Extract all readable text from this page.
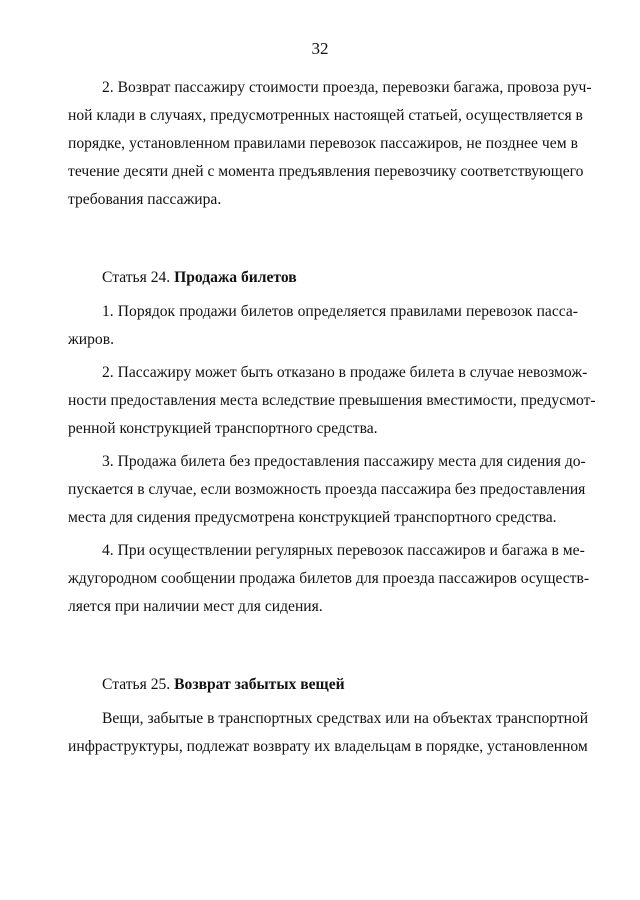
32

2. Возврат пассажиру стоимости проезда, перевозки багажа, провоза руч-
ной клади в случаях, предусмотренных настоящей статьей, осуществляется в
порядке, установленном правилами перевозок пассажиров, не позднее чем в
течение десяти дней с момента предъявления перевозчику соответствующего
требования пассажира.

Статья 24. Продажа билетов

1. Порядок продажи билетов определяется правилами перевозок пасса-
жиров.

2. Пассажиру может быть отказано в продаже билета в случае невозмож-
ности предоставления места вследствие превышения вместимости, предусмот-
ренной конструкцией транспортного средства.

3. Продажа билета без предоставления пассажиру места для сидения до-
пускается в случае, если возможность проезда пассажира без предоставления
места для сидения предусмотрена конструкцией транспортного средства.

4. При осуществлении регулярных перевозок пассажиров и багажа в ме-
ждугородном сообщении продажа билетов для проезда пассажиров осуществ-
ляется при наличии мест для сидения.

Статья 25. Возврат забытых вещей

Вещи, забытые в транспортных средствах или на объектах транспортной
инфраструктуры, подлежат возврату их владельцам в порядке, установленном
